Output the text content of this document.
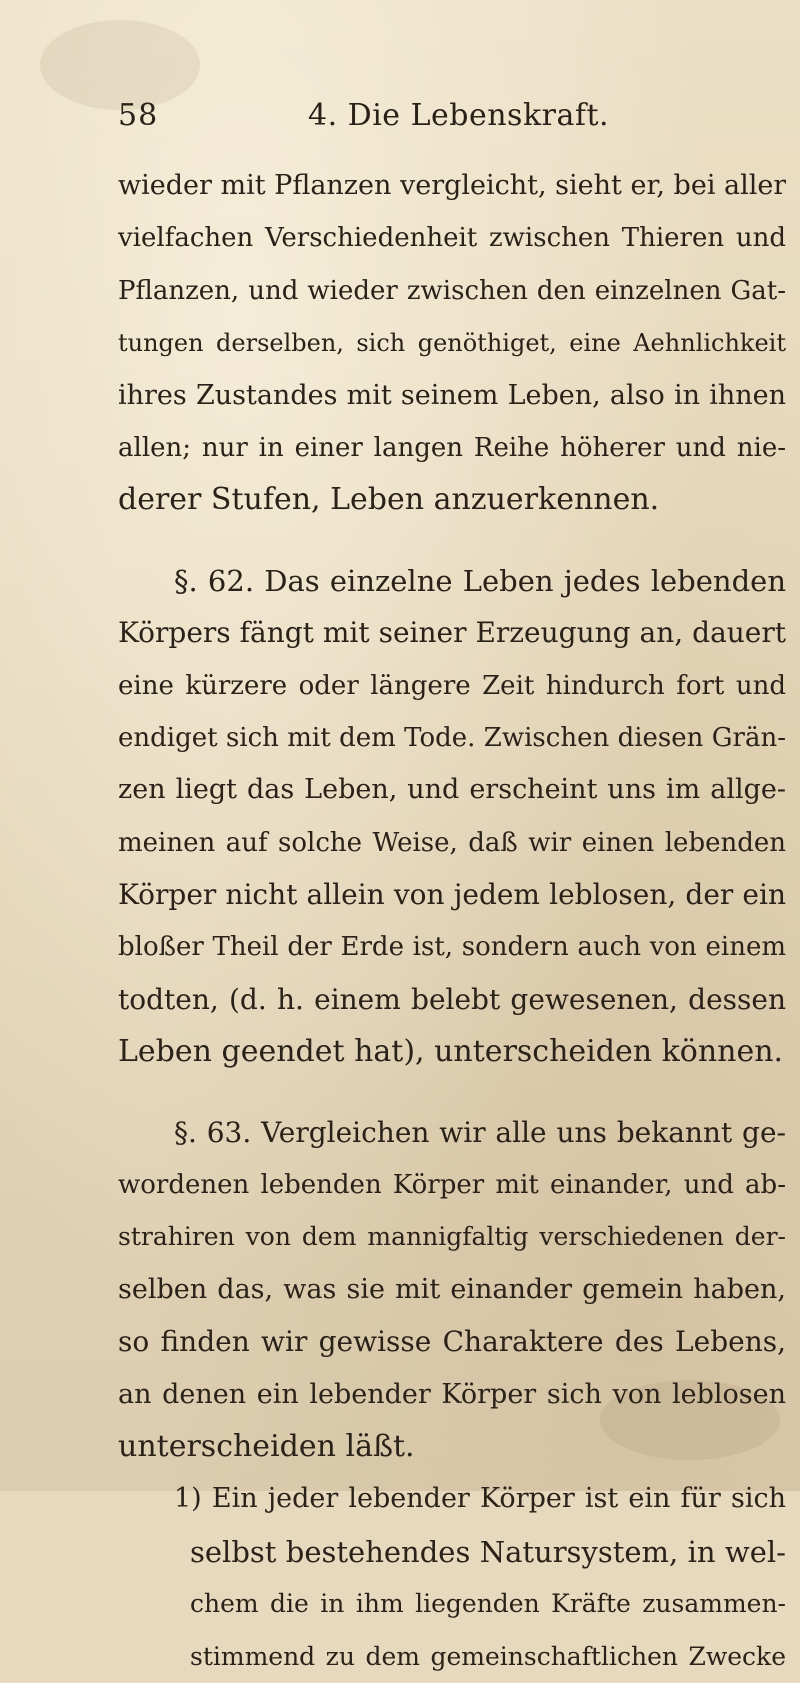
58	4. Die Lebenskraft.
wieder mit Pflanzen vergleicht, sieht er, bei aller
vielfachen Verschiedenheit zwischen Thieren und
Pflanzen, und wieder zwischen den einzelnen Gat-
tungen derselben, sich genöthiget, eine Aehnlichkeit
ihres Zustandes mit seinem Leben, also in ihnen
allen; nur in einer langen Reihe höherer und nie-
derer Stufen, Leben anzuerkennen.
§. 62. Das einzelne Leben jedes lebenden
Körpers fängt mit seiner Erzeugung an, dauert
eine kürzere oder längere Zeit hindurch fort und
endiget sich mit dem Tode. Zwischen diesen Grän-
zen liegt das Leben, und erscheint uns im allge-
meinen auf solche Weise, daß wir einen lebenden
Körper nicht allein von jedem leblosen, der ein
bloßer Theil der Erde ist, sondern auch von einem
todten, (d. h. einem belebt gewesenen, dessen
Leben geendet hat), unterscheiden können.
§. 63. Vergleichen wir alle uns bekannt ge-
wordenen lebenden Körper mit einander, und ab-
strahiren von dem mannigfaltig verschiedenen der-
selben das, was sie mit einander gemein haben,
so finden wir gewisse Charaktere des Lebens,
an denen ein lebender Körper sich von leblosen
unterscheiden läßt.
1) Ein jeder lebender Körper ist ein für sich
selbst bestehendes Natursystem, in wel-
chem die in ihm liegenden Kräfte zusammen-
stimmend zu dem gemeinschaftlichen Zwecke
